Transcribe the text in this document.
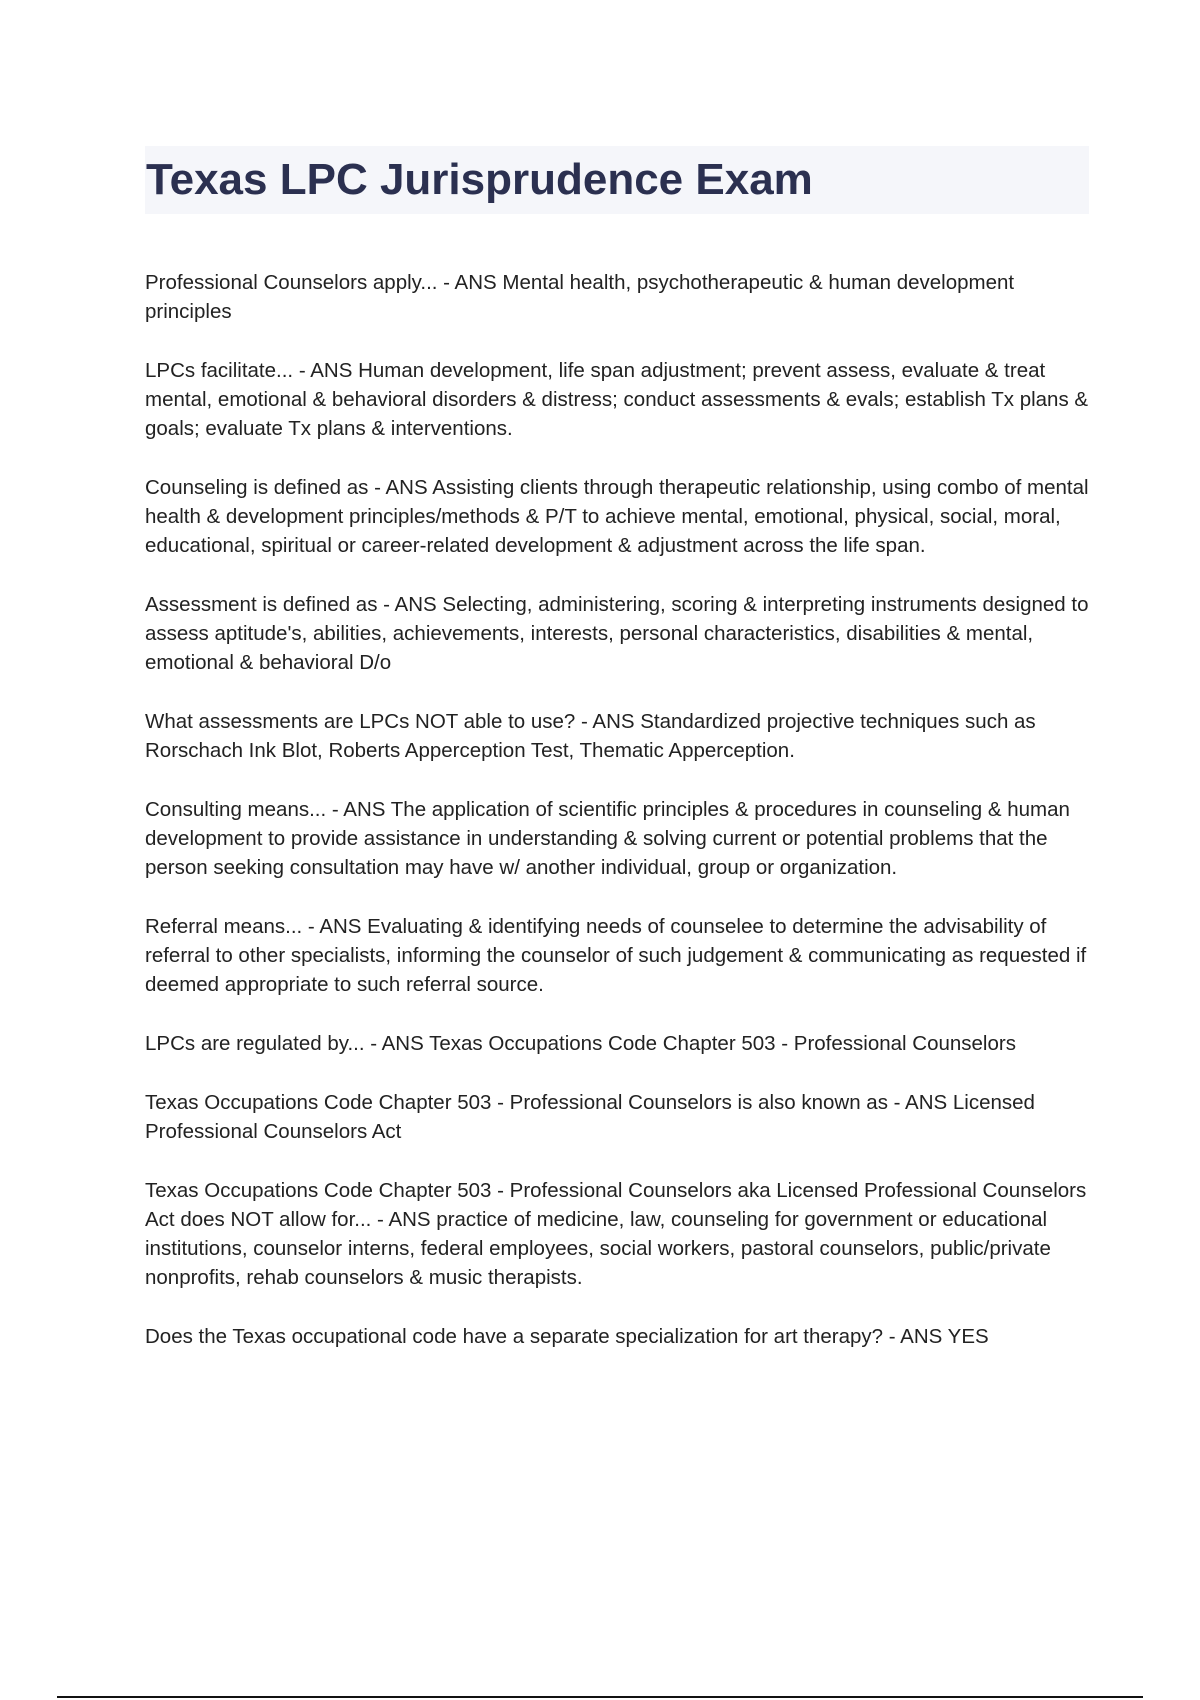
Texas LPC Jurisprudence Exam
Professional Counselors apply... - ANS Mental health, psychotherapeutic & human development principles
LPCs facilitate... - ANS Human development, life span adjustment; prevent assess, evaluate & treat mental, emotional & behavioral disorders & distress; conduct assessments & evals; establish Tx plans & goals; evaluate Tx plans & interventions.
Counseling is defined as - ANS Assisting clients through therapeutic relationship, using combo of mental health & development principles/methods & P/T to achieve mental, emotional, physical, social, moral, educational, spiritual or career-related development & adjustment across the life span.
Assessment is defined as - ANS Selecting, administering, scoring & interpreting instruments designed to assess aptitude's, abilities, achievements, interests, personal characteristics, disabilities & mental, emotional & behavioral D/o
What assessments are LPCs NOT able to use? - ANS Standardized projective techniques such as Rorschach Ink Blot, Roberts Apperception Test, Thematic Apperception.
Consulting means... - ANS The application of scientific principles & procedures in counseling & human development to provide assistance in understanding & solving current or potential problems that the person seeking consultation may have w/ another individual, group or organization.
Referral means... - ANS Evaluating & identifying needs of counselee to determine the advisability of referral to other specialists, informing the counselor of such judgement & communicating as requested if deemed appropriate to such referral source.
LPCs are regulated by... - ANS Texas Occupations Code Chapter 503 - Professional Counselors
Texas Occupations Code Chapter 503 - Professional Counselors is also known as - ANS Licensed Professional Counselors Act
Texas Occupations Code Chapter 503 - Professional Counselors aka Licensed Professional Counselors Act does NOT allow for... - ANS practice of medicine, law, counseling for government or educational institutions, counselor interns, federal employees, social workers, pastoral counselors, public/private nonprofits, rehab counselors & music therapists.
Does the Texas occupational code have a separate specialization for art therapy? - ANS YES
